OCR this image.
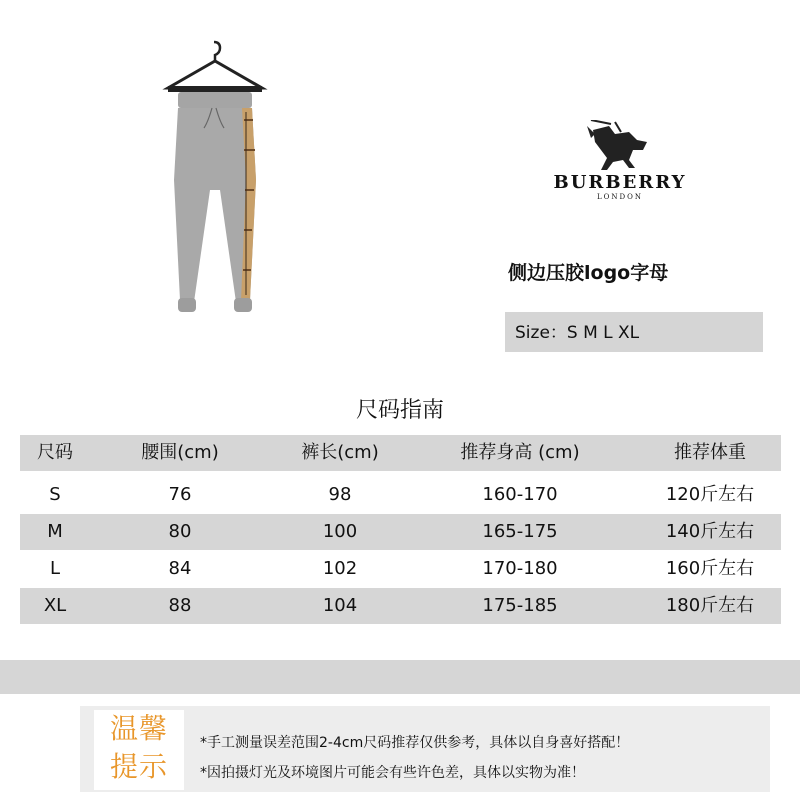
BURBERRY
LONDON
侧边压胶logo字母
Size：S M L XL
尺码指南
尺码	腰围(cm)	裤长(cm)	推荐身高 (cm)	推荐体重
S	76	98	160-170	120斤左右
M	80	100	165-175	140斤左右
L	84	102	170-180	160斤左右
XL	88	104	175-185	180斤左右
温馨
提示
*手工测量误差范围2-4cm尺码推荐仅供参考，具体以自身喜好搭配！
*因拍摄灯光及环境图片可能会有些许色差，具体以实物为准！
